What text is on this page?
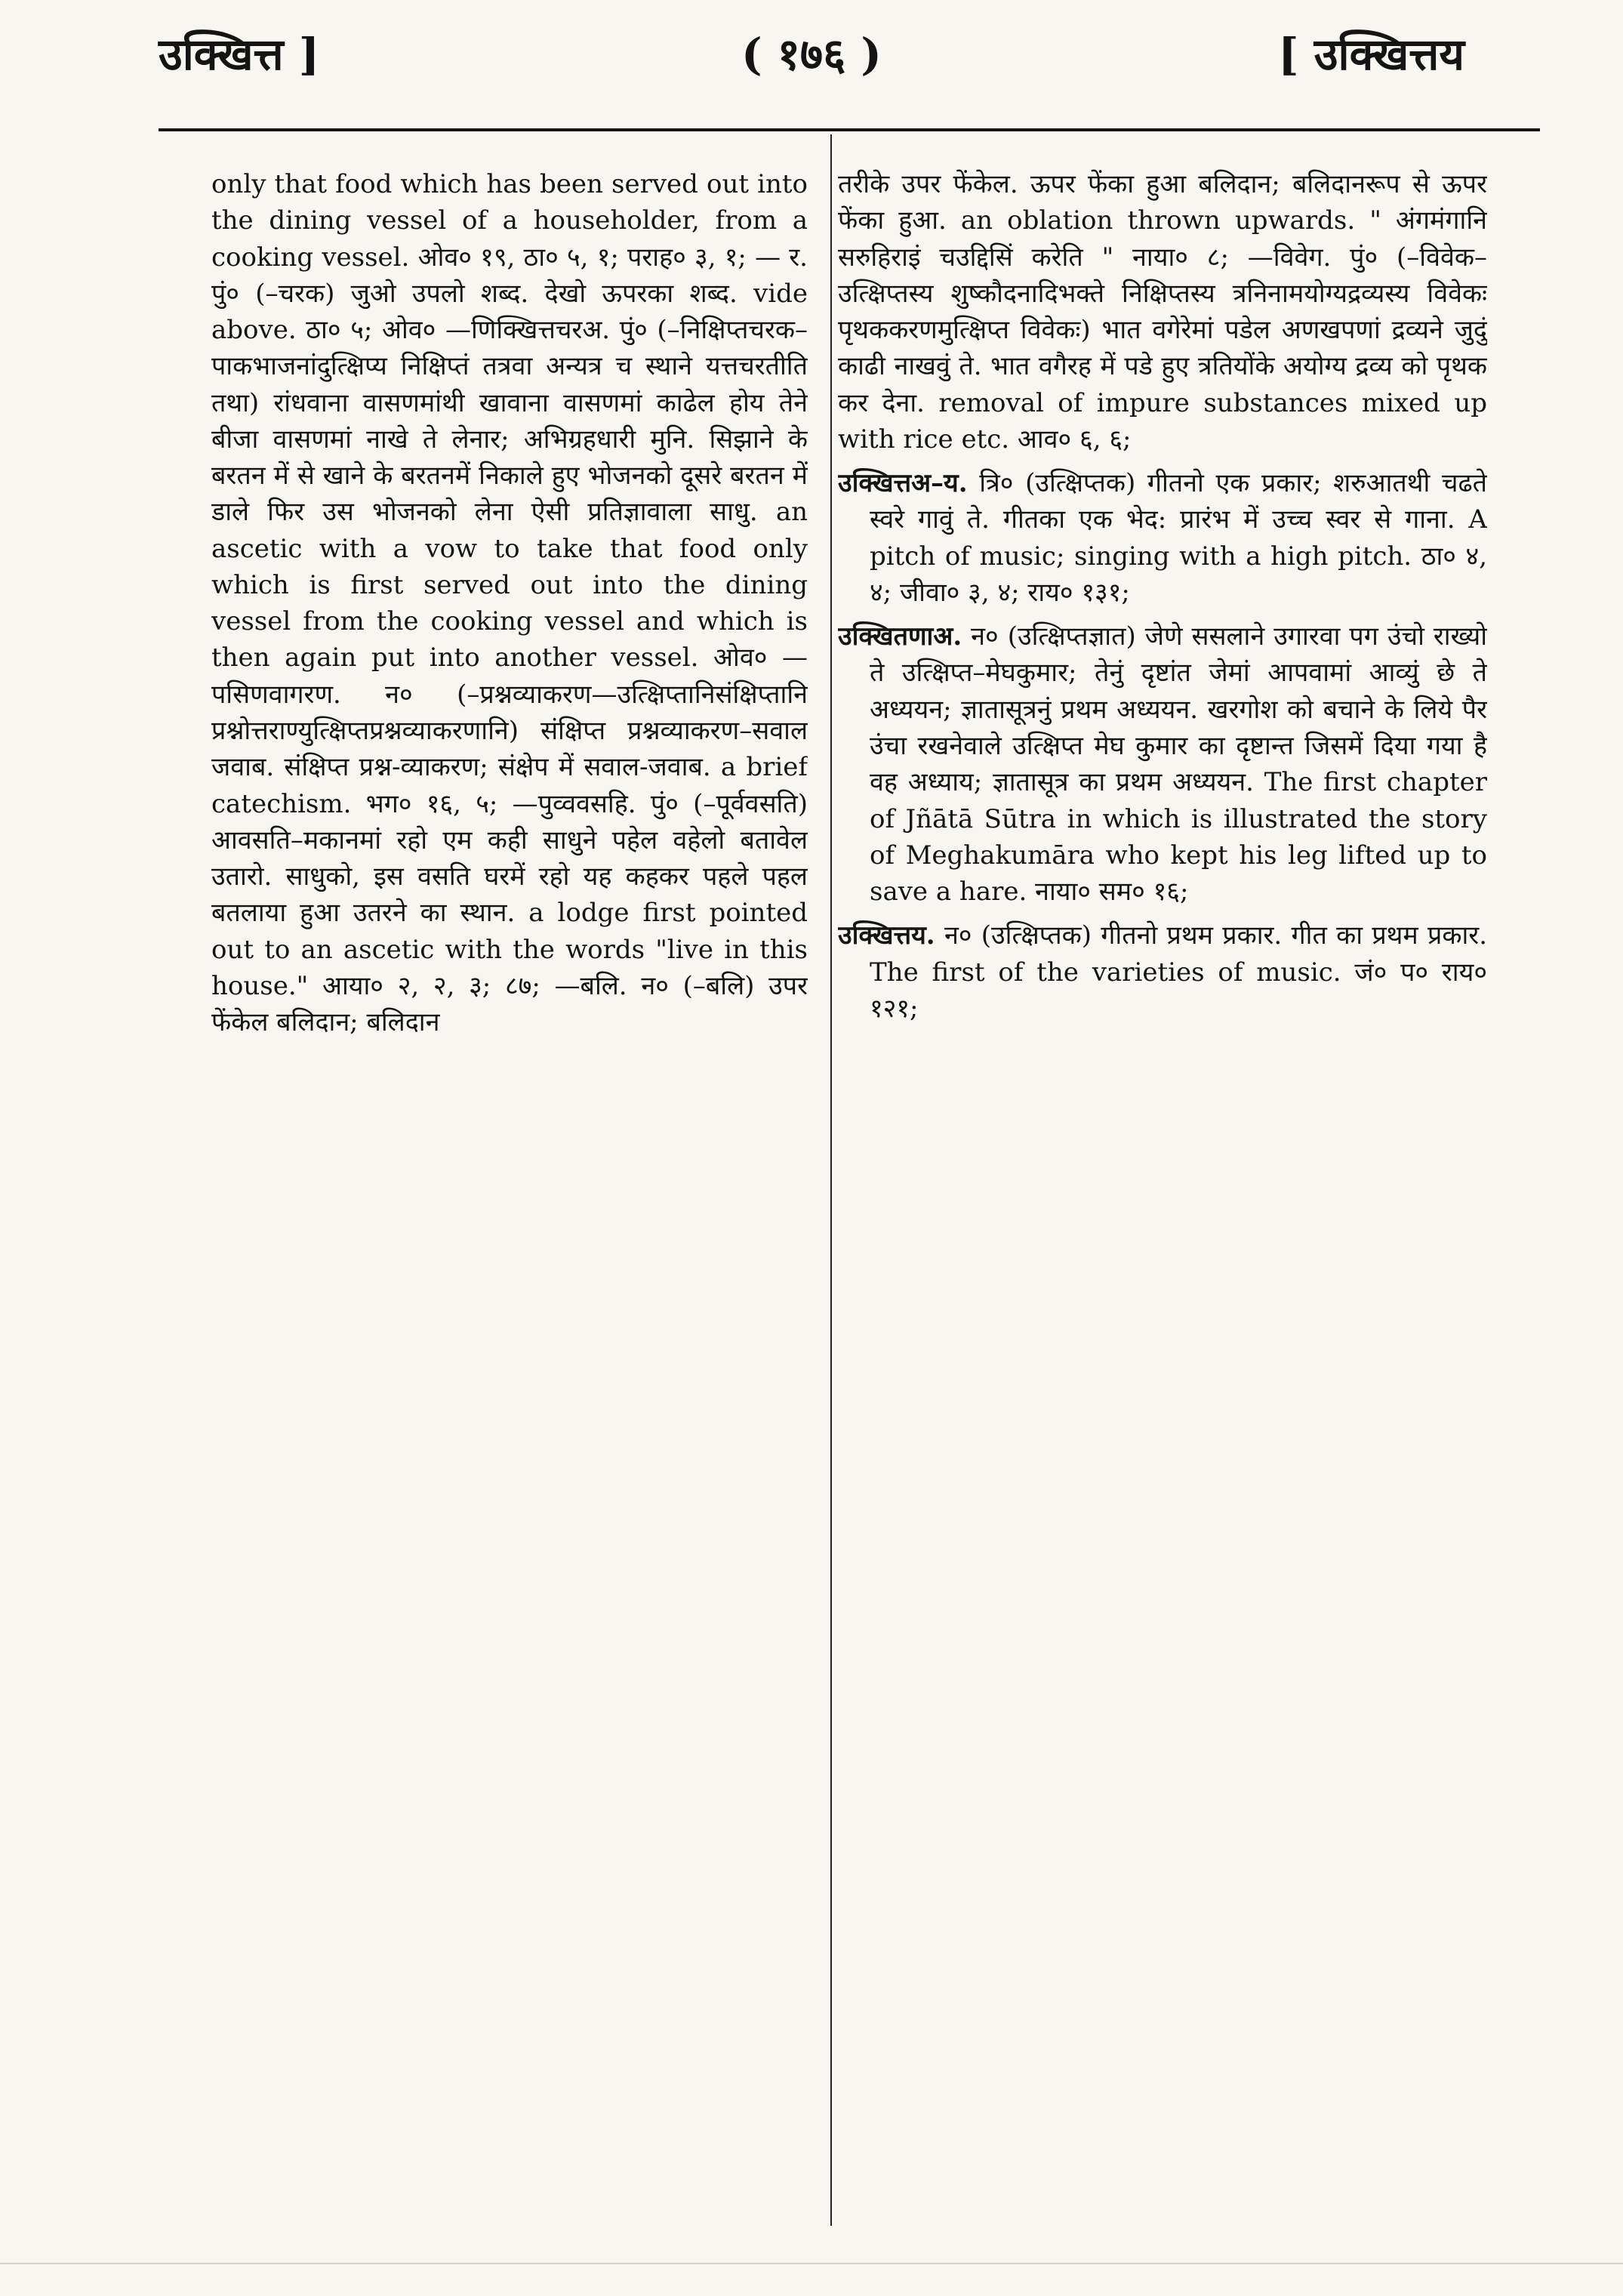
उक्खित्त ]	( १७६ )	[ उक्खित्तय

only that food which has been served out into the dining vessel of a householder, from a cooking vessel. ओव० १९, ठा० ५, १; पराह० ३, १; — र. पुं० (–चरक) जुओ उपलो शब्द. देखो ऊपरका शब्द. vide above. ठा० ५; ओव० —णिक्खित्तचरअ. पुं० (–निक्षिप्तचरक–पाकभाजनांदुत्क्षिप्य निक्षिप्तं तत्रवा अन्यत्र च स्थाने यत्तचरतीति तथा) रांधवाना वासणमांथी खावाना वासणमां काढेल होय तेने बीजा वासणमां नाखे ते लेनार; अभिग्रहधारी मुनि. सिझाने के बरतन में से खाने के बरतनमें निकाले हुए भोजनको दूसरे बरतन में डाले फिर उस भोजनको लेना ऐसी प्रतिज्ञावाला साधु. an ascetic with a vow to take that food only which is first served out into the dining vessel from the cooking vessel and which is then again put into another vessel. ओव० —पसिणवागरण. न० (–प्रश्नव्याकरण—उत्क्षिप्तानिसंक्षिप्तानि प्रश्नोत्तराण्युत्क्षिप्तप्रश्नव्याकरणानि) संक्षिप्त प्रश्नव्याकरण–सवाल जवाब. संक्षिप्त प्रश्न-व्याकरण; संक्षेप में सवाल-जवाब. a brief catechism. भग० १६, ५; —पुव्ववसहि. पुं० (–पूर्ववसति) आवसति–मकानमां रहो एम कही साधुने पहेल वहेलो बतावेल उतारो. साधुको, इस वसति घरमें रहो यह कहकर पहले पहल बतलाया हुआ उतरने का स्थान. a lodge first pointed out to an ascetic with the words "live in this house." आया० २, २, ३; ८७; —बलि. न० (–बलि) उपर फेंकेल बलिदान; बलिदान

तरीके उपर फेंकेल. ऊपर फेंका हुआ बलिदान; बलिदानरूप से ऊपर फेंका हुआ. an oblation thrown upwards. " अंगमंगानि सरुहिराइं चउद्दिसिं करेति " नाया० ८; —विवेग. पुं० (–विवेक–उत्क्षिप्तस्य शुष्कौदनादिभक्ते निक्षिप्तस्य त्रनिनामयोग्यद्रव्यस्य विवेकः पृथककरणमुत्क्षिप्त विवेकः) भात वगेरेमां पडेल अणखपणां द्रव्यने जुदुं काढी नाखवुं ते. भात वगैरह में पडे हुए त्रतियोंके अयोग्य द्रव्य को पृथक कर देना. removal of impure substances mixed up with rice etc. आव० ६, ६;

उक्खित्तअ–य. त्रि० (उत्क्षिप्तक) गीतनो एक प्रकार; शरुआतथी चढते स्वरे गावुं ते. गीतका एक भेद: प्रारंभ में उच्च स्वर से गाना. A pitch of music; singing with a high pitch. ठा० ४, ४; जीवा० ३, ४; राय० १३१;

उक्खितणाअ. न० (उत्क्षिप्तज्ञात) जेणे ससलाने उगारवा पग उंचो राख्यो ते उत्क्षिप्त–मेघकुमार; तेनुं दृष्टांत जेमां आपवामां आव्युं छे ते अध्ययन; ज्ञातासूत्रनुं प्रथम अध्ययन. खरगोश को बचाने के लिये पैर उंचा रखनेवाले उत्क्षिप्त मेघ कुमार का दृष्टान्त जिसमें दिया गया है वह अध्याय; ज्ञातासूत्र का प्रथम अध्ययन. The first chapter of Jñātā Sūtra in which is illustrated the story of Meghakumāra who kept his leg lifted up to save a hare. नाया० सम० १६;

उक्खित्तय. न० (उत्क्षिप्तक) गीतनो प्रथम प्रकार. गीत का प्रथम प्रकार. The first of the varieties of music. जं० प० राय० १२१;
